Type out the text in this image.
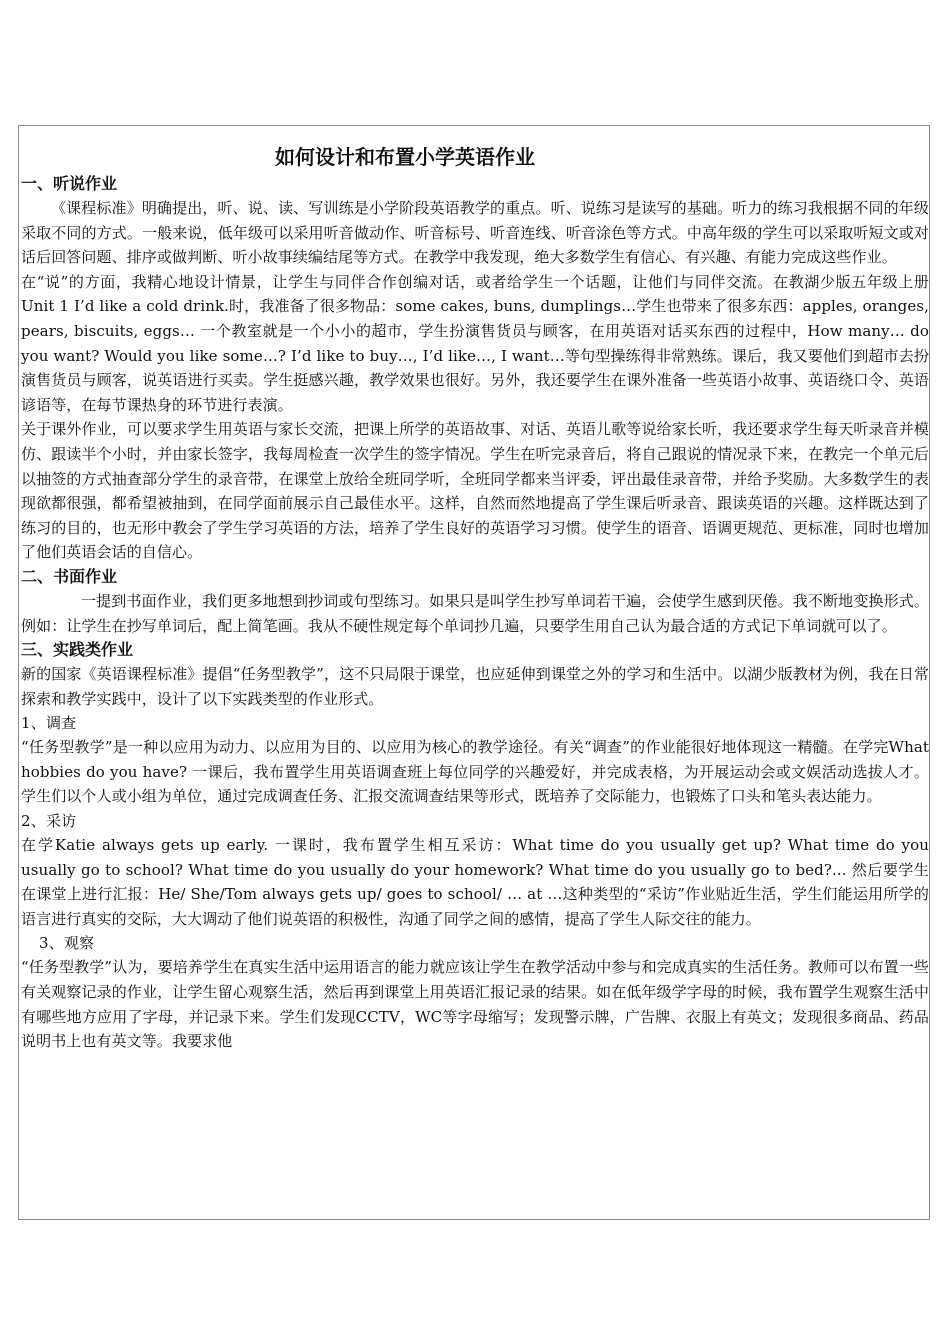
如何设计和布置小学英语作业
一、听说作业

《课程标准》明确提出，听、说、读、写训练是小学阶段英语教学的重点。听、说练习是读写的基础。听力的练习我根据不同的年级采取不同的方式。一般来说，低年级可以采用听音做动作、听音标号、听音连线、听音涂色等方式。中高年级的学生可以采取听短文或对话后回答问题、排序或做判断、听小故事续编结尾等方式。在教学中我发现，绝大多数学生有信心、有兴趣、有能力完成这些作业。

在“说”的方面，我精心地设计情景，让学生与同伴合作创编对话，或者给学生一个话题，让他们与同伴交流。在教湖少版五年级上册Unit 1 I’d like a cold drink.时，我准备了很多物品：some cakes, buns, dumplings…学生也带来了很多东西：apples, oranges, pears, biscuits, eggs… 一个教室就是一个小小的超市，学生扮演售货员与顾客，在用英语对话买东西的过程中，How many… do you want? Would you like some…? I’d like to buy…, I’d like…, I want…等句型操练得非常熟练。课后，我又要他们到超市去扮演售货员与顾客，说英语进行买卖。学生挺感兴趣，教学效果也很好。另外，我还要学生在课外准备一些英语小故事、英语绕口令、英语谚语等，在每节课热身的环节进行表演。

关于课外作业，可以要求学生用英语与家长交流，把课上所学的英语故事、对话、英语儿歌等说给家长听，我还要求学生每天听录音并模仿、跟读半个小时，并由家长签字，我每周检查一次学生的签字情况。学生在听完录音后，将自己跟说的情况录下来，在教完一个单元后以抽签的方式抽查部分学生的录音带，在课堂上放给全班同学听，全班同学都来当评委，评出最佳录音带，并给予奖励。大多数学生的表现欲都很强，都希望被抽到，在同学面前展示自己最佳水平。这样，自然而然地提高了学生课后听录音、跟读英语的兴趣。这样既达到了练习的目的，也无形中教会了学生学习英语的方法，培养了学生良好的英语学习习惯。使学生的语音、语调更规范、更标准，同时也增加了他们英语会话的自信心。

二、书面作业

一提到书面作业，我们更多地想到抄词或句型练习。如果只是叫学生抄写单词若干遍，会使学生感到厌倦。我不断地变换形式。例如：让学生在抄写单词后，配上简笔画。我从不硬性规定每个单词抄几遍，只要学生用自己认为最合适的方式记下单词就可以了。

三、实践类作业

新的国家《英语课程标准》提倡“任务型教学”，这不只局限于课堂，也应延伸到课堂之外的学习和生活中。以湖少版教材为例，我在日常探索和教学实践中，设计了以下实践类型的作业形式。

1、调查

“任务型教学”是一种以应用为动力、以应用为目的、以应用为核心的教学途径。有关“调查”的作业能很好地体现这一精髓。在学完What hobbies do you have? 一课后，我布置学生用英语调查班上每位同学的兴趣爱好，并完成表格，为开展运动会或文娱活动选拔人才。学生们以个人或小组为单位，通过完成调查任务、汇报交流调查结果等形式，既培养了交际能力，也锻炼了口头和笔头表达能力。

2、采访

在学Katie always gets up early. 一课时，我布置学生相互采访：What time do you usually get up? What time do you usually go to school? What time do you usually do your homework? What time do you usually go to bed?... 然后要学生在课堂上进行汇报：He/ She/Tom always gets up/ goes to school/ … at …这种类型的“采访”作业贴近生活，学生们能运用所学的语言进行真实的交际，大大调动了他们说英语的积极性，沟通了同学之间的感情，提高了学生人际交往的能力。

3、观察

“任务型教学”认为，要培养学生在真实生活中运用语言的能力就应该让学生在教学活动中参与和完成真实的生活任务。教师可以布置一些有关观察记录的作业，让学生留心观察生活，然后再到课堂上用英语汇报记录的结果。如在低年级学字母的时候，我布置学生观察生活中有哪些地方应用了字母，并记录下来。学生们发现CCTV，WC等字母缩写；发现警示牌，广告牌、衣服上有英文；发现很多商品、药品说明书上也有英文等。我要求他
